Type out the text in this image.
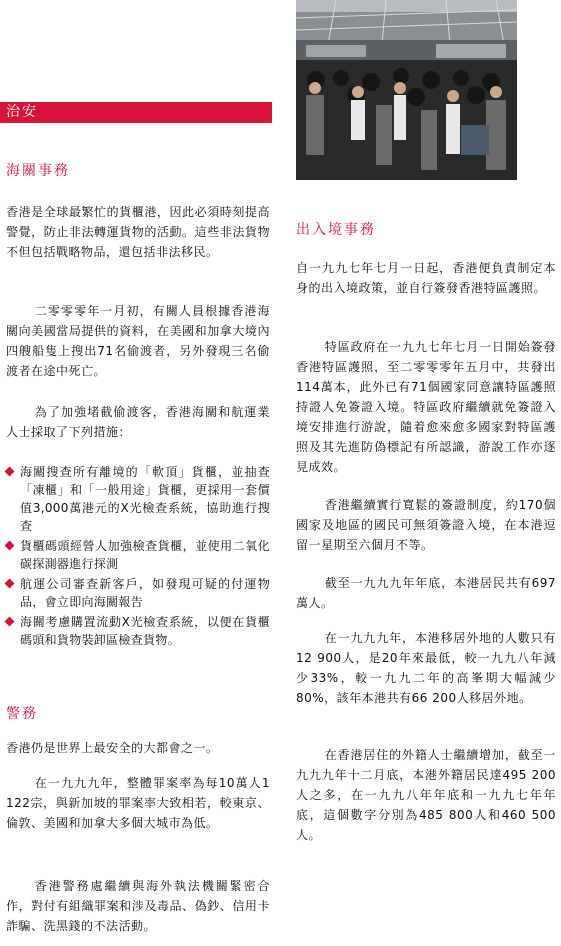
治安
海關事務

香港是全球最繁忙的貨櫃港，因此必須時刻提高警覺，防止非法轉運貨物的活動。這些非法貨物不但包括戰略物品，還包括非法移民。

二零零零年一月初，有關人員根據香港海關向美國當局提供的資料，在美國和加拿大境內四艘船隻上搜出71名偷渡者，另外發現三名偷渡者在途中死亡。

為了加強堵截偷渡客，香港海關和航運業人士採取了下列措施：

海關搜查所有離境的「軟頂」貨櫃，並抽查「凍櫃」和「一般用途」貨櫃，更採用一套價值3,000萬港元的X光檢查系統，協助進行搜查
貨櫃碼頭經營人加強檢查貨櫃，並使用二氧化碳探測器進行探測
航運公司審查新客戶，如發現可疑的付運物品，會立即向海關報告
海關考慮購置流動X光檢查系統，以便在貨櫃碼頭和貨物裝卸區檢查貨物。
警務

香港仍是世界上最安全的大都會之一。

在一九九九年，整體罪案率為每10萬人1 122宗，與新加坡的罪案率大致相若，較東京、倫敦、美國和加拿大多個大城市為低。

香港警務處繼續與海外執法機關緊密合作，對付有組織罪案和涉及毒品、偽鈔、信用卡詐騙、洗黑錢的不法活動。

出入境事務

自一九九七年七月一日起，香港便負責制定本身的出入境政策，並自行簽發香港特區護照。

特區政府在一九九七年七月一日開始簽發香港特區護照，至二零零零年五月中，共發出114萬本，此外已有71個國家同意讓特區護照持證人免簽證入境。特區政府繼續就免簽證入境安排進行游說，隨着愈來愈多國家對特區護照及其先進防偽標記有所認識，游說工作亦逐見成效。

香港繼續實行寬鬆的簽證制度，約170個國家及地區的國民可無須簽證入境，在本港逗留一星期至六個月不等。

截至一九九九年年底，本港居民共有697萬人。

在一九九九年，本港移居外地的人數只有12 900人，是20年來最低，較一九九八年減少33%，較一九九二年的高峯期大幅減少80%，該年本港共有66 200人移居外地。

在香港居住的外籍人士繼續增加，截至一九九九年十二月底，本港外籍居民達495 200人之多，在一九九八年年底和一九九七年年底，這個數字分別為485 800人和460 500人。
